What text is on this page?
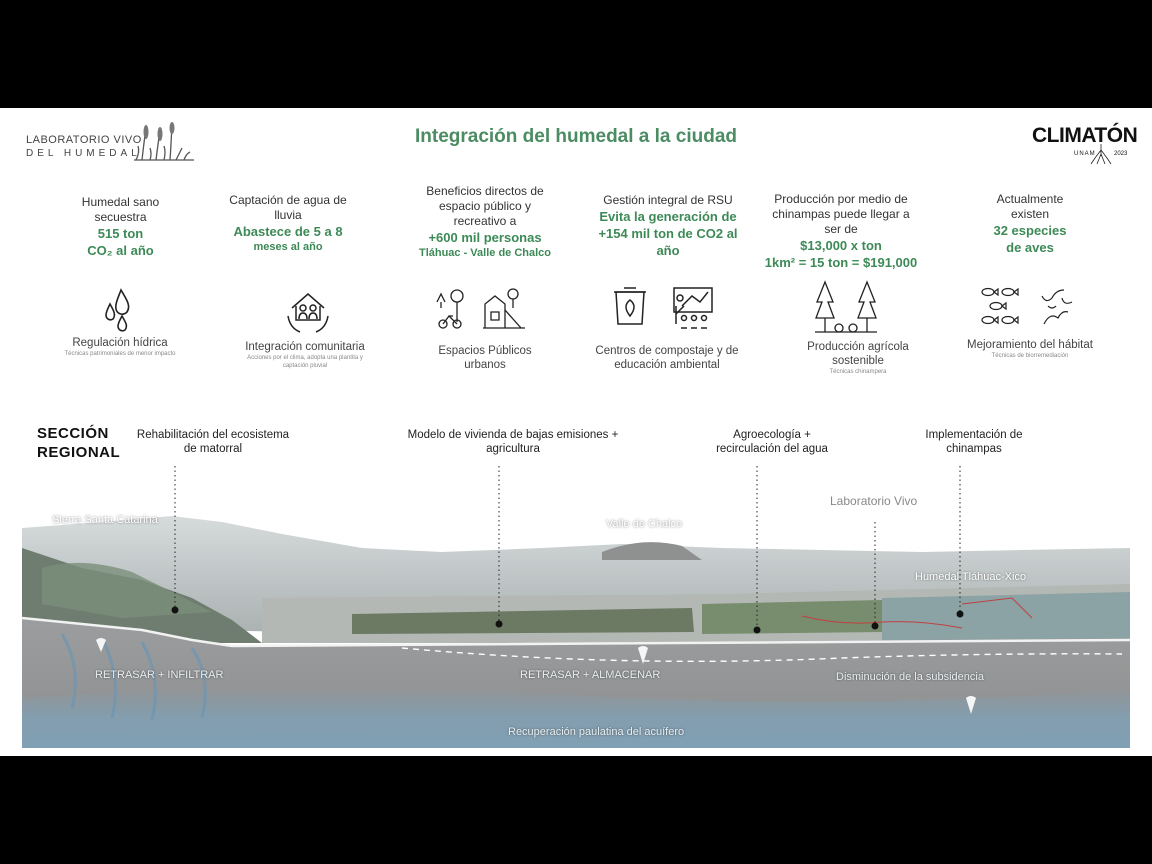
LABORATORIO VIVO
DEL HUMEDAL
Integración del humedal a la ciudad	CLIMATÓN
UNAM	2023
Humedal sano
secuestra
515 ton
CO₂ al año
Regulación hídrica
Técnicas patrimoniales de menor impacto
Captación de agua de
lluvia
Abastece de 5 a 8
meses al año
Integración comunitaria
Acciones por el clima, adopta una plantita y
captación pluvial
Beneficios directos de
espacio público y
recreativo a
+600 mil personas
Tláhuac - Valle de Chalco
Espacios Públicos
urbanos
Gestión integral de RSU
Evita la generación de
+154 mil ton de CO2 al
año
Centros de compostaje y de
educación ambiental
Producción por medio de
chinampas puede llegar a
ser de
$13,000 x ton
1km² = 15 ton = $191,000
Producción agrícola
sostenible
Técnicas chinampera
Actualmente
existen
32 especies
de aves
Mejoramiento del hábitat
Técnicas de biorremediación
SECCIÓN
REGIONAL
Rehabilitación del ecosistema
de matorral
Modelo de vivienda de bajas emisiones +
agricultura
Agroecología +
recirculación del agua
Implementación de
chinampas
Sierra Santa Catarina	Valle de Chalco
Laboratorio Vivo
Humedal Tláhuac-Xico
RETRASAR + INFILTRAR	RETRASAR + ALMACENAR	Disminución de la subsidencia
Recuperación paulatina del acuífero
